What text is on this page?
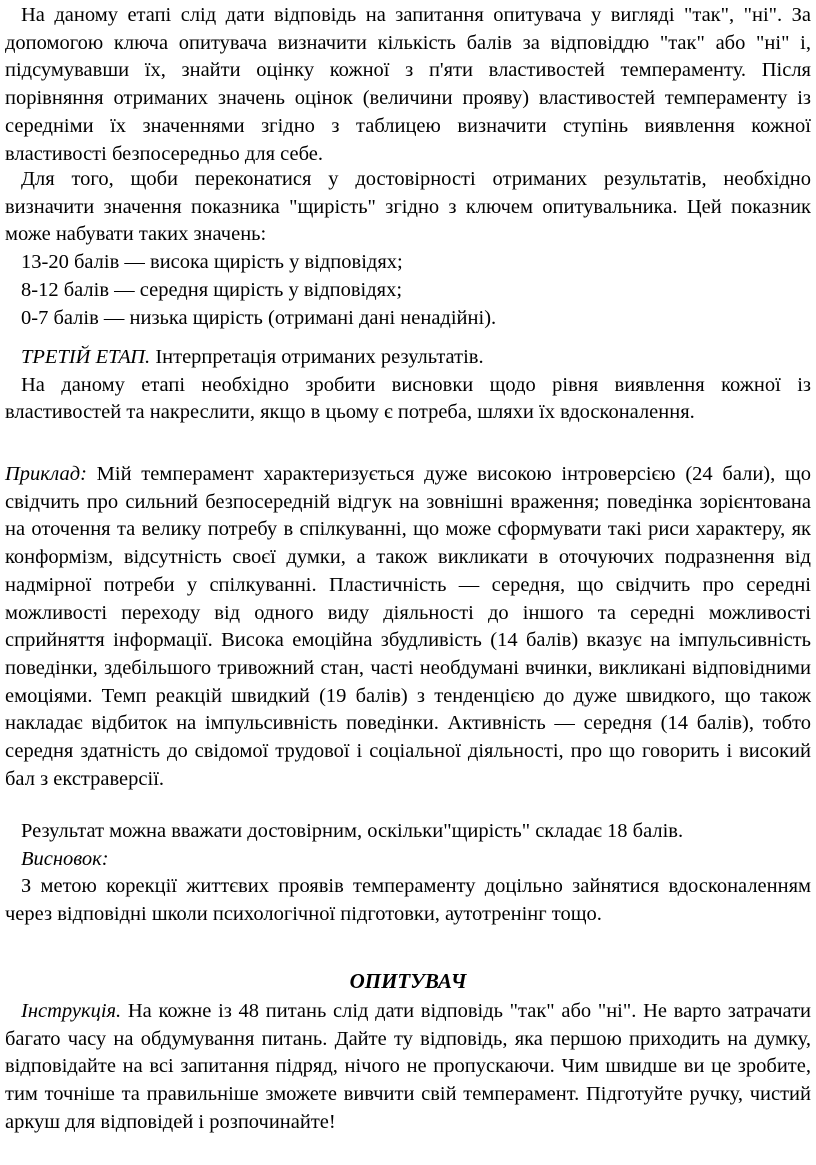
На даному етапі слід дати відповідь на запитання опитувача у вигляді "так", "ні". За допомогою ключа опитувача визначити кількість балів за відповіддю "так" або "ні" і, підсумувавши їх, знайти оцінку кожної з п'яти властивостей темпераменту. Після порівняння отриманих значень оцінок (величини прояву) властивостей темпераменту із середніми їх значеннями згідно з таблицею визначити ступінь виявлення кожної властивості безпосередньо для себе.

Для того, щоби переконатися у достовірності отриманих результатів, необхідно визначити значення показника "щирість" згідно з ключем опитувальника. Цей показник може набувати таких значень:

13-20 балів — висока щирість у відповідях;

8-12 балів — середня щирість у відповідях;

0-7 балів — низька щирість (отримані дані ненадійні).

ТРЕТІЙ ЕТАП. Інтерпретація отриманих результатів.

На даному етапі необхідно зробити висновки щодо рівня виявлення кожної із властивостей та накреслити, якщо в цьому є потреба, шляхи їх вдосконалення.

Приклад: Мій темперамент характеризується дуже високою інтроверсією (24 бали), що свідчить про сильний безпосередній відгук на зовнішні враження; поведінка зорієнтована на оточення та велику потребу в спілкуванні, що може сформувати такі риси характеру, як конформізм, відсутність своєї думки, а також викликати в оточуючих подразнення від надмірної потреби у спілкуванні. Пластичність — середня, що свідчить про середні можливості переходу від одного виду діяльності до іншого та середні можливості сприйняття інформації. Висока емоційна збудливість (14 балів) вказує на імпульсивність поведінки, здебільшого тривожний стан, часті необдумані вчинки, викликані відповідними емоціями. Темп реакцій швидкий (19 балів) з тенденцією до дуже швидкого, що також накладає відбиток на імпульсивність поведінки. Активність — середня (14 балів), тобто середня здатність до свідомої трудової і соціальної діяльності, про що говорить і високий бал з екстраверсії.

Результат можна вважати достовірним, оскільки"щирість" складає 18 балів.

Висновок:

З метою корекції життєвих проявів темпераменту доцільно зайнятися вдосконаленням через відповідні школи психологічної підготовки, аутотренінг тощо.

ОПИТУВАЧ

Інструкція. На кожне із 48 питань слід дати відповідь "так" або "ні". Не варто затрачати багато часу на обдумування питань. Дайте ту відповідь, яка першою приходить на думку, відповідайте на всі запитання підряд, нічого не пропускаючи. Чим швидше ви це зробите, тим точніше та правильніше зможете вивчити свій темперамент. Підготуйте ручку, чистий аркуш для відповідей і розпочинайте!
